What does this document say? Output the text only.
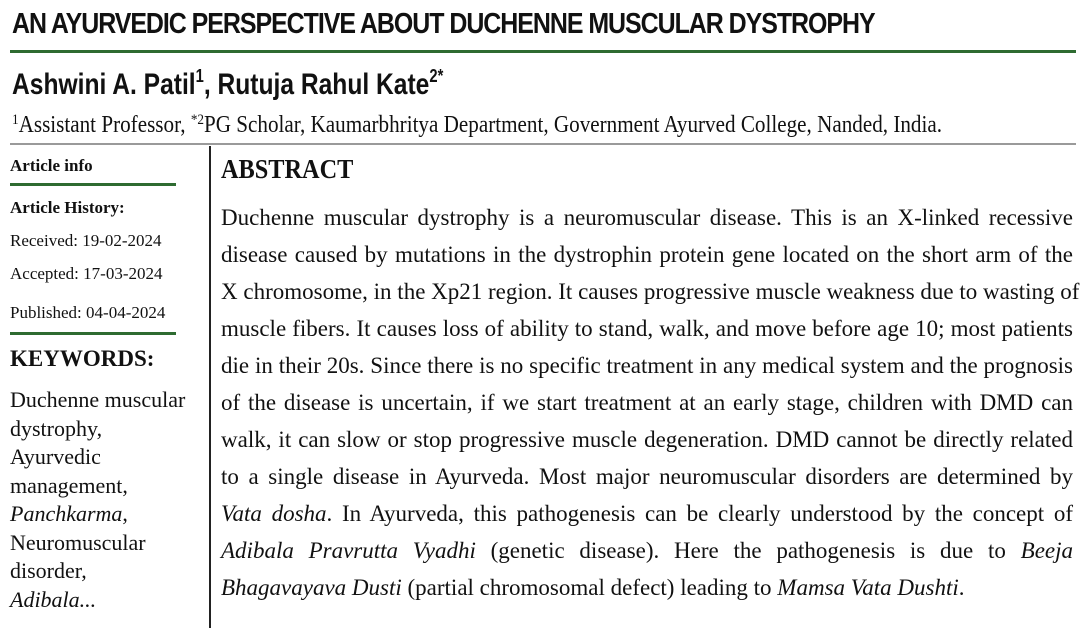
AN AYURVEDIC PERSPECTIVE ABOUT DUCHENNE MUSCULAR DYSTROPHY
Ashwini A. Patil$^1$, Rutuja Rahul Kate$^{2*}$
$^1$Assistant Professor, $^{*2}$PG Scholar, Kaumarbhritya Department, Government Ayurved College, Nanded, India.
Article info
Article History:
Received: 19-02-2024
Accepted: 17-03-2024
Published: 04-04-2024
KEYWORDS:
Duchenne muscular
dystrophy,
Ayurvedic
management,
Panchkarma,
Neuromuscular
disorder,
Adibala...
ABSTRACT
Duchenne muscular dystrophy is a neuromuscular disease. This is an X-linked recessive
disease caused by mutations in the dystrophin protein gene located on the short arm of the
X chromosome, in the Xp21 region. It causes progressive muscle weakness due to wasting of
muscle fibers. It causes loss of ability to stand, walk, and move before age 10; most patients
die in their 20s. Since there is no specific treatment in any medical system and the prognosis
of the disease is uncertain, if we start treatment at an early stage, children with DMD can
walk, it can slow or stop progressive muscle degeneration. DMD cannot be directly related
to a single disease in Ayurveda. Most major neuromuscular disorders are determined by
Vata dosha. In Ayurveda, this pathogenesis can be clearly understood by the concept of
Adibala Pravrutta Vyadhi (genetic disease). Here the pathogenesis is due to Beeja
Bhagavayava Dusti (partial chromosomal defect) leading to Mamsa Vata Dushti.
